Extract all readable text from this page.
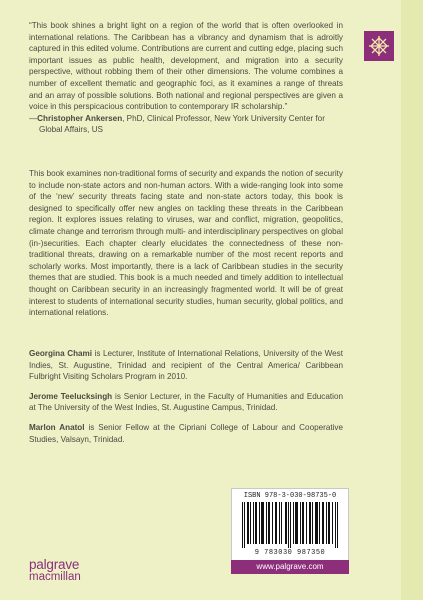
“This book shines a bright light on a region of the world that is often overlooked in international relations. The Caribbean has a vibrancy and dynamism that is adroitly captured in this edited volume. Contributions are current and cutting edge, placing such important issues as public health, development, and migration into a security perspective, without robbing them of their other dimensions. The volume combines a number of excellent thematic and geographic foci, as it examines a range of threats and an array of possible solutions. Both national and regional perspectives are given a voice in this perspicacious contribution to contemporary IR scholarship.”

—Christopher Ankersen, PhD, Clinical Professor, New York University Center for Global Affairs, US

This book examines non-traditional forms of security and expands the notion of security to include non-state actors and non-human actors. With a wide-ranging look into some of the ‘new’ security threats facing state and non-state actors today, this book is designed to specifically offer new angles on tackling these threats in the Caribbean region. It explores issues relating to viruses, war and conflict, migration, geopolitics, climate change and terrorism through multi- and interdisciplinary perspectives on global (in-)securities. Each chapter clearly elucidates the connectedness of these non-traditional threats, drawing on a remarkable number of the most recent reports and scholarly works. Most importantly, there is a lack of Caribbean studies in the security themes that are studied. This book is a much needed and timely addition to intellectual thought on Caribbean security in an increasingly fragmented world. It will be of great interest to students of international security studies, human security, global politics, and international relations.

Georgina Chami is Lecturer, Institute of International Relations, University of the West Indies, St. Augustine, Trinidad and recipient of the Central America/ Caribbean Fulbright Visiting Scholars Program in 2010.

Jerome Teelucksingh is Senior Lecturer, in the Faculty of Humanities and Education at The University of the West Indies, St. Augustine Campus, Trinidad.

Marlon Anatol is Senior Fellow at the Cipriani College of Labour and Cooperative Studies, Valsayn, Trinidad.

ISBN 978-3-030-98735-0
9 783030 987350
www.palgrave.com
palgrave
macmillan
